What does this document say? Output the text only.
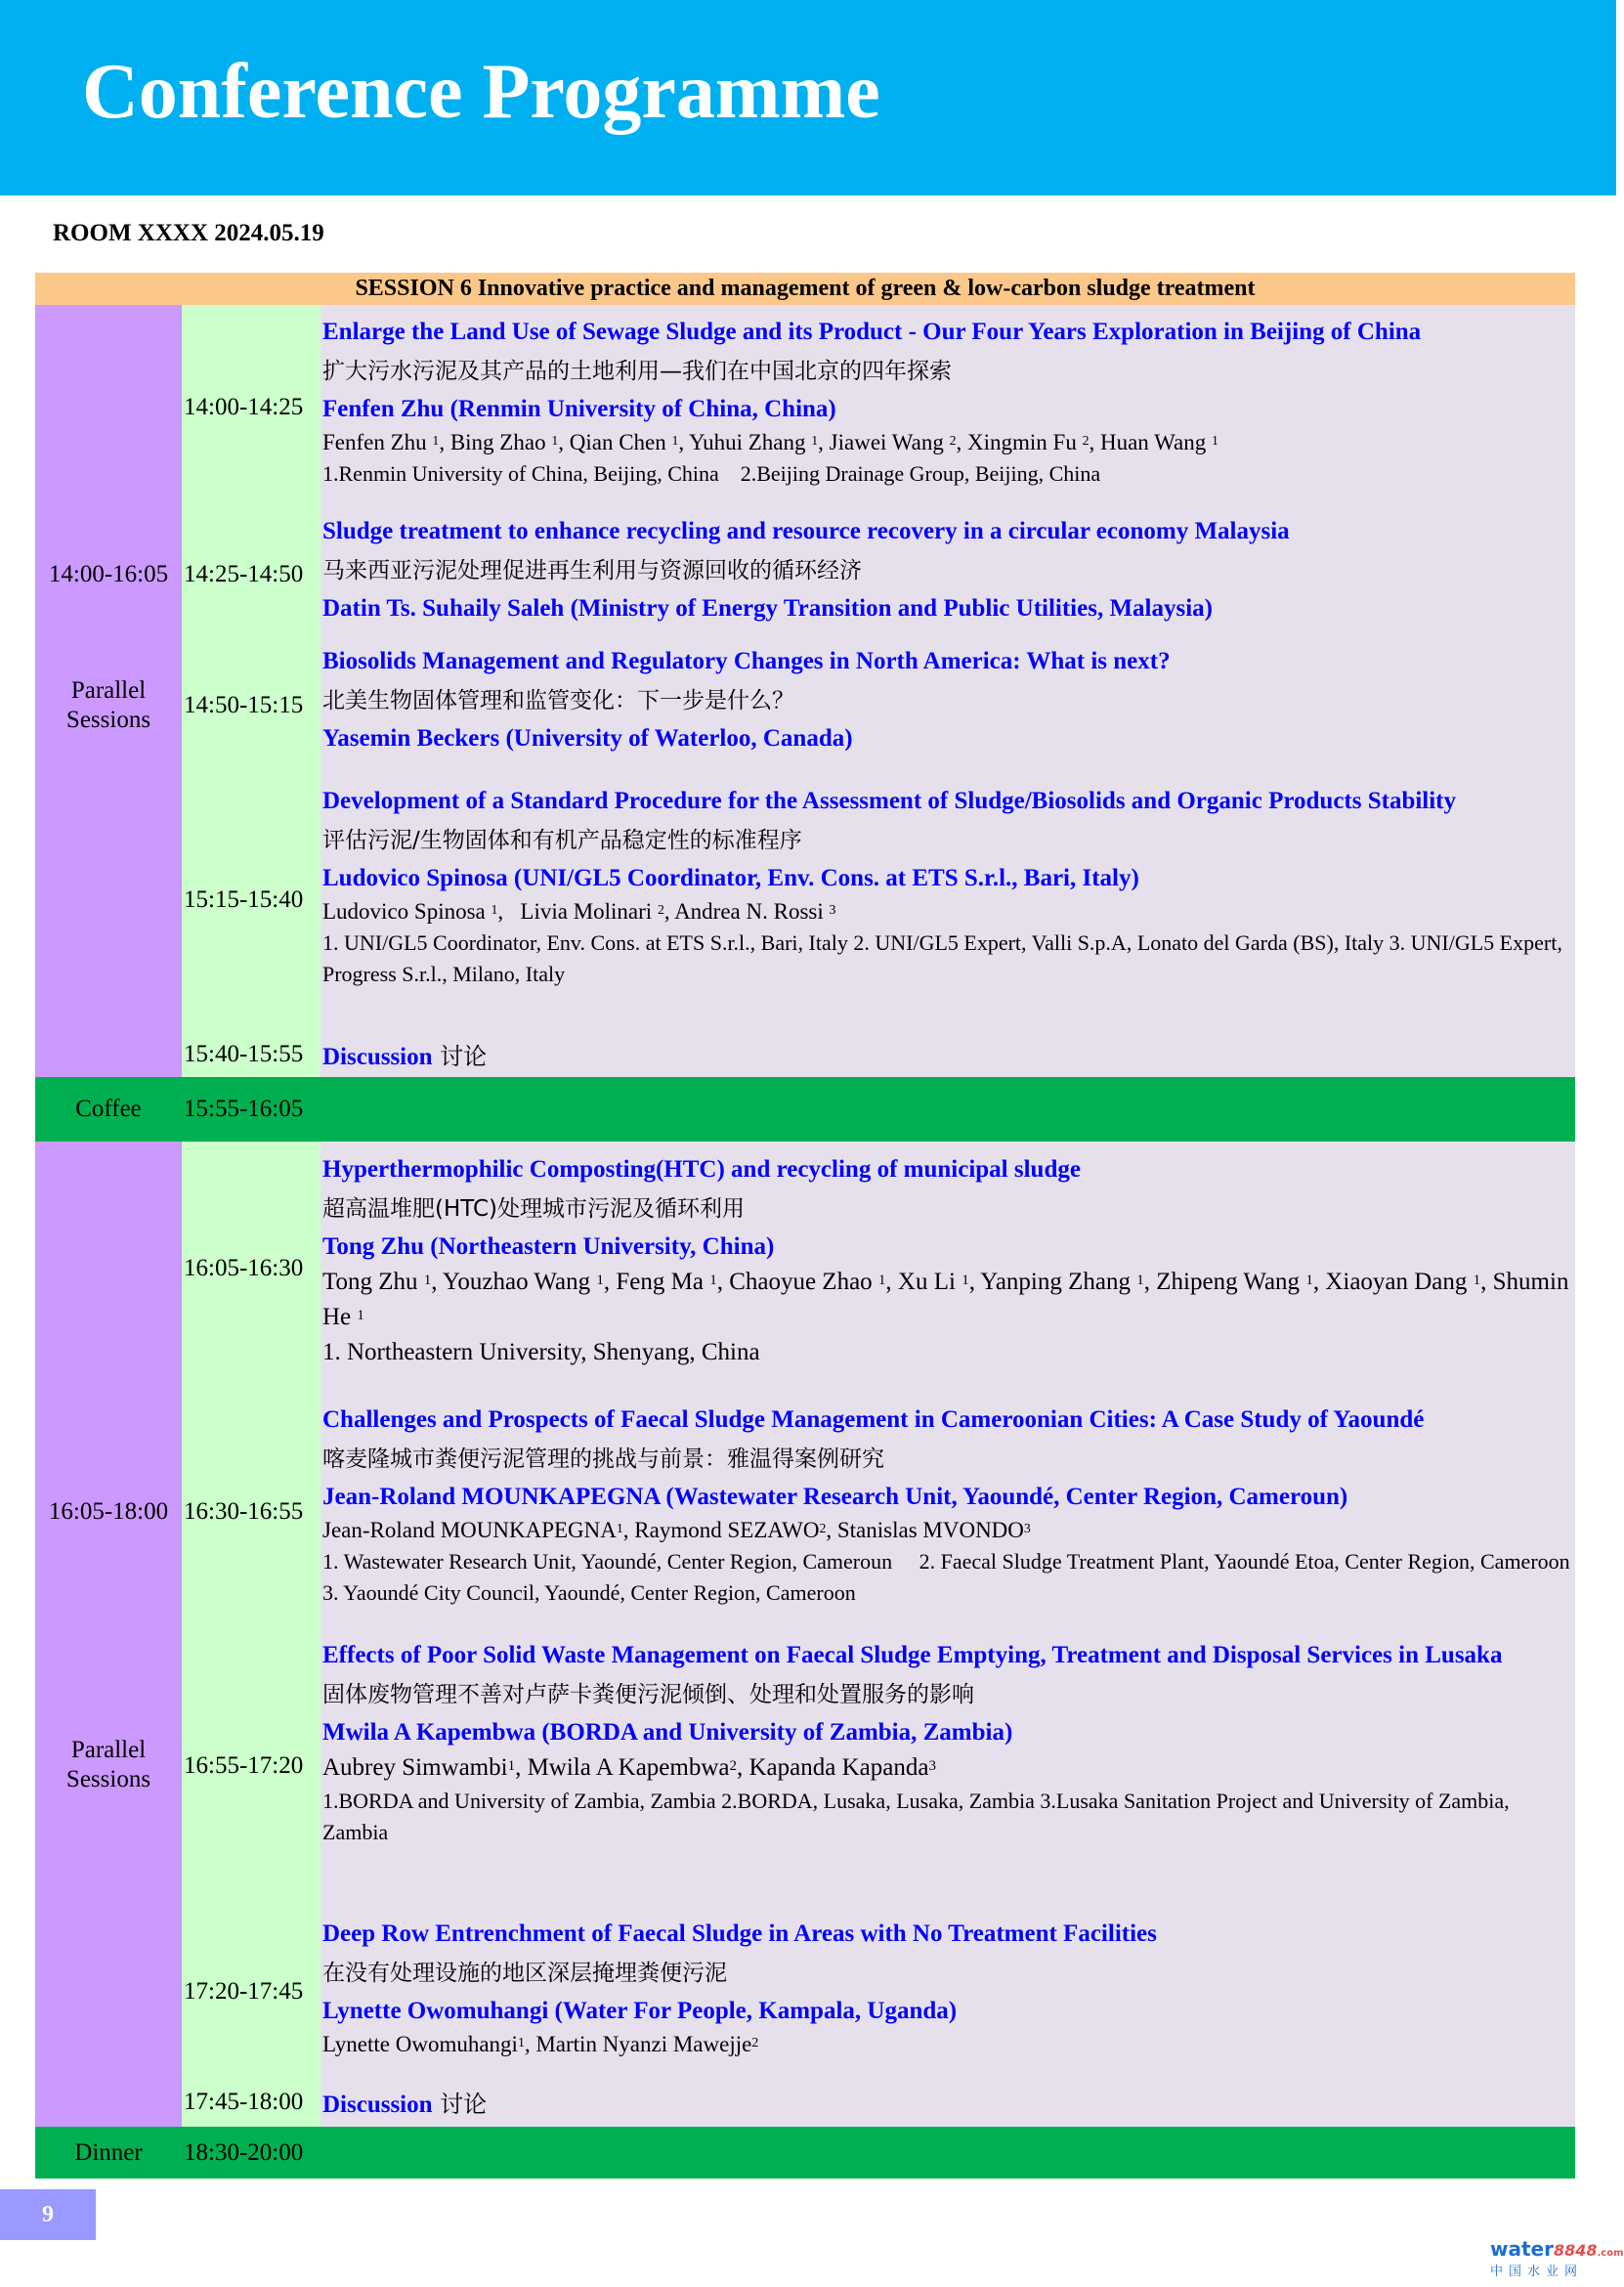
Conference Programme
ROOM XXXX 2024.05.19
SESSION 6 Innovative practice and management of green & low-carbon sludge treatment
14:00-16:05
Parallel
Sessions
14:00-14:25

Enlarge the Land Use of Sewage Sludge and its Product - Our Four Years Exploration in Beijing of China

扩大污水污泥及其产品的土地利用—我们在中国北京的四年探索

Fenfen Zhu (Renmin University of China, China)

Fenfen Zhu $^1$, Bing Zhao $^1$, Qian Chen $^1$, Yuhui Zhang $^1$, Jiawei Wang $^2$, Xingmin Fu $^2$, Huan Wang $^1$

1.Renmin University of China, Beijing, China    2.Beijing Drainage Group, Beijing, China

14:25-14:50

Sludge treatment to enhance recycling and resource recovery in a circular economy Malaysia

马来西亚污泥处理促进再生利用与资源回收的循环经济

Datin Ts. Suhaily Saleh (Ministry of Energy Transition and Public Utilities, Malaysia)

14:50-15:15

Biosolids Management and Regulatory Changes in North America: What is next?

北美生物固体管理和监管变化：下一步是什么？

Yasemin Beckers (University of Waterloo, Canada)

15:15-15:40

Development of a Standard Procedure for the Assessment of Sludge/Biosolids and Organic Products Stability

评估污泥/生物固体和有机产品稳定性的标准程序

Ludovico Spinosa (UNI/GL5 Coordinator, Env. Cons. at ETS S.r.l., Bari, Italy)

Ludovico Spinosa $^1$,   Livia Molinari $^2$, Andrea N. Rossi $^3$

1. UNI/GL5 Coordinator, Env. Cons. at ETS S.r.l., Bari, Italy 2. UNI/GL5 Expert, Valli S.p.A, Lonato del Garda (BS), Italy 3. UNI/GL5 Expert, Progress S.r.l., Milano, Italy

15:40-15:55 Discussion 讨论
Coffee	15:55-16:05
16:05-18:00
Parallel
Sessions
16:05-16:30

Hyperthermophilic Composting(HTC) and recycling of municipal sludge

超高温堆肥(HTC)处理城市污泥及循环利用

Tong Zhu (Northeastern University, China)

Tong Zhu $^1$, Youzhao Wang $^1$, Feng Ma $^1$, Chaoyue Zhao $^1$, Xu Li $^1$, Yanping Zhang $^1$, Zhipeng Wang $^1$, Xiaoyan Dang $^1$, Shumin He $^1$

1. Northeastern University, Shenyang, China

16:30-16:55

Challenges and Prospects of Faecal Sludge Management in Cameroonian Cities: A Case Study of Yaoundé

喀麦隆城市粪便污泥管理的挑战与前景：雅温得案例研究

Jean-Roland MOUNKAPEGNA (Wastewater Research Unit, Yaoundé, Center Region, Cameroun)

Jean-Roland MOUNKAPEGNA$^1$, Raymond SEZAWO$^2$, Stanislas MVONDO$^3$

1. Wastewater Research Unit, Yaoundé, Center Region, Cameroun     2. Faecal Sludge Treatment Plant, Yaoundé Etoa, Center Region, Cameroon   3. Yaoundé City Council, Yaoundé, Center Region, Cameroon

16:55-17:20

Effects of Poor Solid Waste Management on Faecal Sludge Emptying, Treatment and Disposal Services in Lusaka

固体废物管理不善对卢萨卡粪便污泥倾倒、处理和处置服务的影响

Mwila A Kapembwa (BORDA and University of Zambia, Zambia)

Aubrey Simwambi$^1$, Mwila A Kapembwa$^2$, Kapanda Kapanda$^3$

1.BORDA and University of Zambia, Zambia 2.BORDA, Lusaka, Lusaka, Zambia 3.Lusaka Sanitation Project and University of Zambia, Zambia

17:20-17:45

Deep Row Entrenchment of Faecal Sludge in Areas with No Treatment Facilities

在没有处理设施的地区深层掩埋粪便污泥

Lynette Owomuhangi (Water For People, Kampala, Uganda)

Lynette Owomuhangi$^1$, Martin Nyanzi Mawejje$^2$

17:45-18:00 Discussion 讨论
Dinner	18:30-20:00
9
water8848.com
中国水业网
